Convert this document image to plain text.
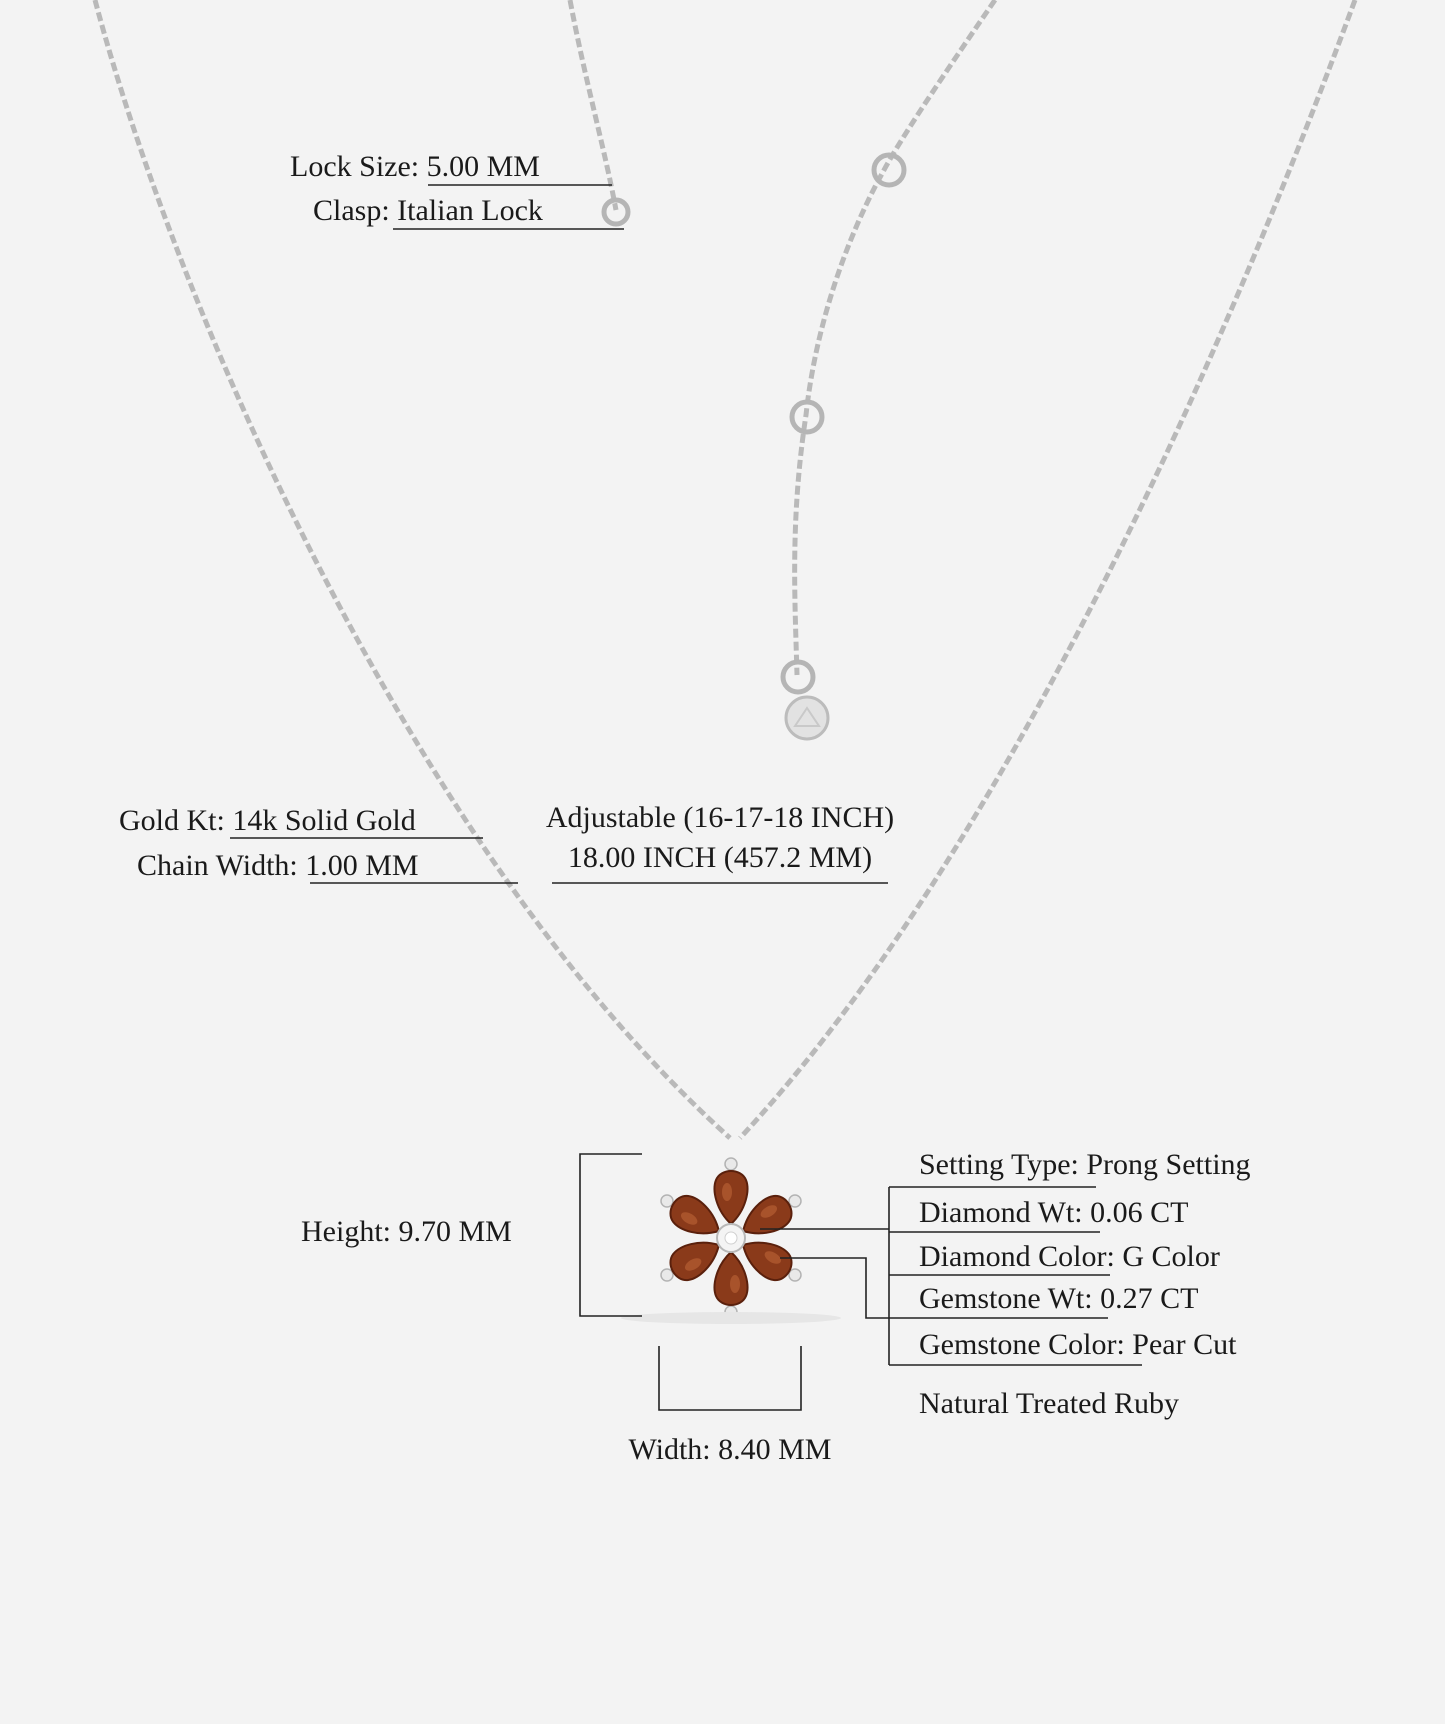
Lock Size: 5.00 MM
Clasp: Italian Lock
Gold Kt: 14k Solid Gold
Chain Width: 1.00 MM
Adjustable (16-17-18 INCH)
18.00 INCH (457.2 MM)
Height: 9.70 MM
Width: 8.40 MM
Setting Type: Prong Setting
Diamond Wt: 0.06 CT
Diamond Color: G Color
Gemstone Wt: 0.27 CT
Gemstone Color: Pear Cut
Natural Treated Ruby
